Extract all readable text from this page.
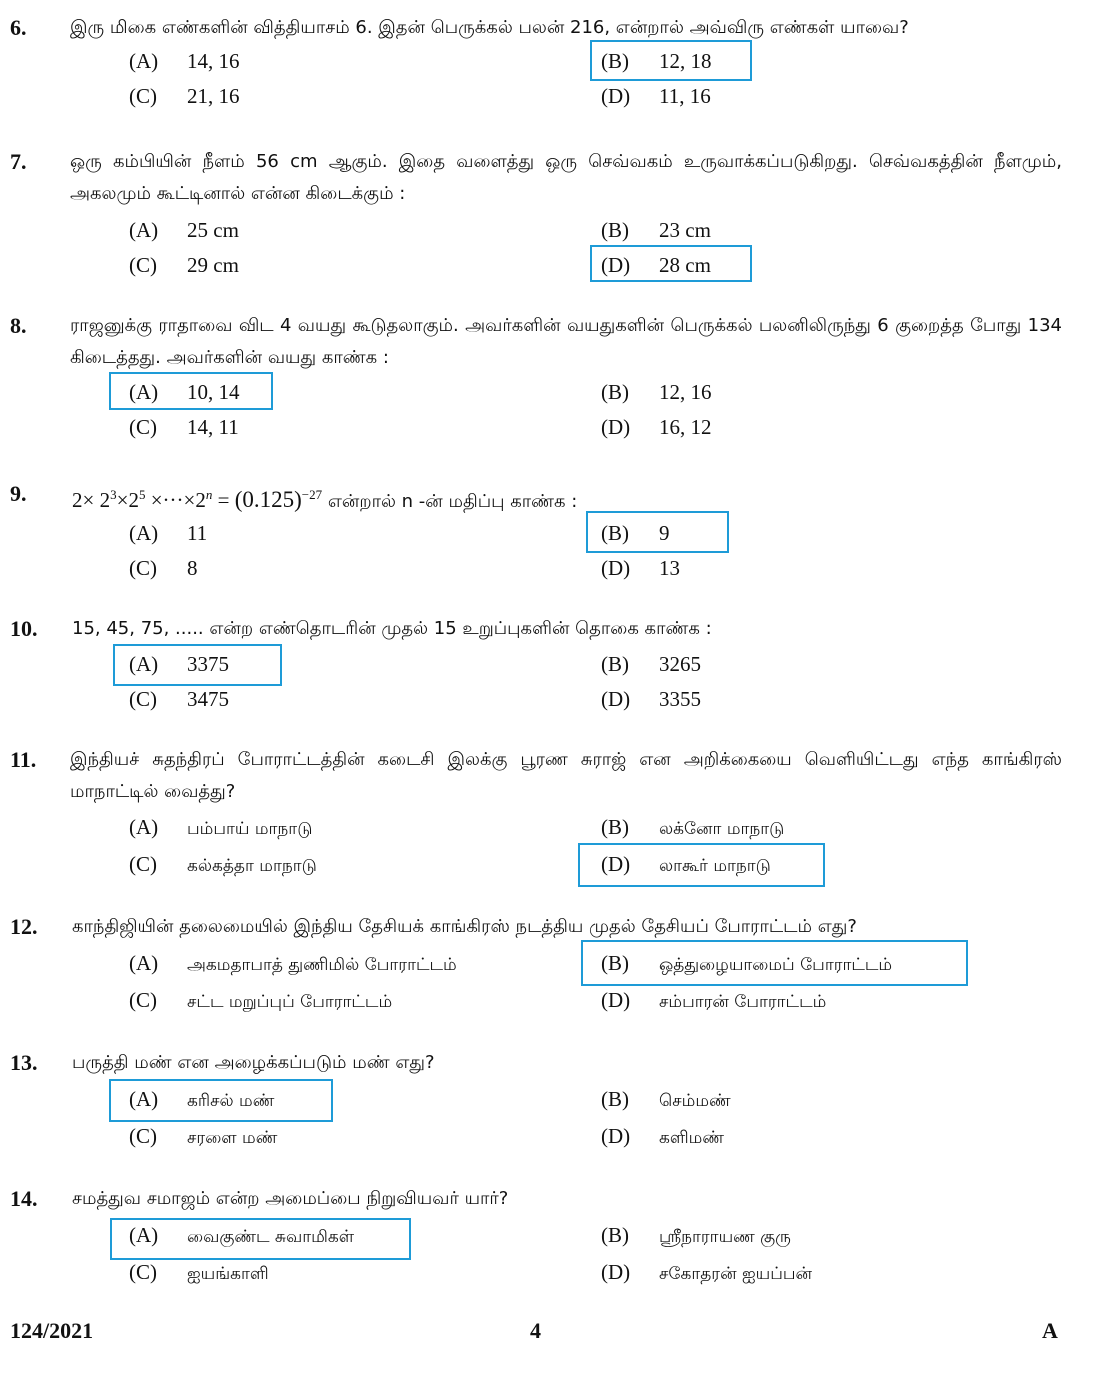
6. இரு மிகை எண்களின் வித்தியாசம் 6. இதன் பெருக்கல் பலன் 216, என்றால் அவ்விரு எண்கள் யாவை?
(A) 14, 16	(B) 12, 18
(C) 21, 16	(D) 11, 16
7. ஒரு கம்பியின் நீளம் 56 cm ஆகும். இதை வளைத்து ஒரு செவ்வகம் உருவாக்கப்படுகிறது. செவ்வகத்தின் நீளமும், அகலமும் கூட்டினால் என்ன கிடைக்கும் :
(A) 25 cm	(B) 23 cm
(C) 29 cm	(D) 28 cm
8. ராஜனுக்கு ராதாவை விட 4 வயது கூடுதலாகும். அவர்களின் வயதுகளின் பெருக்கல் பலனிலிருந்து 6 குறைத்த போது 134 கிடைத்தது. அவர்களின் வயது காண்க :
(A) 10, 14	(B) 12, 16
(C) 14, 11	(D) 16, 12
9. $2\times 2^3\times 2^5 \times\cdot\cdot\cdot\times 2^n = (0.125)^{-27}$ என்றால் n -ன் மதிப்பு காண்க :
(A) 11	(B) 9
(C) 8	(D) 13
10. 15, 45, 75, ..... என்ற எண்தொடரின் முதல் 15 உறுப்புகளின் தொகை காண்க :
(A) 3375	(B) 3265
(C) 3475	(D) 3355
11. இந்தியச் சுதந்திரப் போராட்டத்தின் கடைசி இலக்கு பூரண சுராஜ் என அறிக்கையை வெளியிட்டது எந்த காங்கிரஸ் மாநாட்டில் வைத்து?
(A) பம்பாய் மாநாடு	(B) லக்னோ மாநாடு
(C) கல்கத்தா மாநாடு	(D) லாகூர் மாநாடு
12. காந்திஜியின் தலைமையில் இந்திய தேசியக் காங்கிரஸ் நடத்திய முதல் தேசியப் போராட்டம் எது?
(A) அகமதாபாத் துணிமில் போராட்டம்	(B) ஒத்துழையாமைப் போராட்டம்
(C) சட்ட மறுப்புப் போராட்டம்	(D) சம்பாரன் போராட்டம்
13. பருத்தி மண் என அழைக்கப்படும் மண் எது?
(A) கரிசல் மண்	(B) செம்மண்
(C) சரளை மண்	(D) களிமண்
14. சமத்துவ சமாஜம் என்ற அமைப்பை நிறுவியவர் யார்?
(A) வைகுண்ட சுவாமிகள்	(B) ஸ்ரீநாராயண குரு
(C) ஐயங்காளி	(D) சகோதரன் ஐயப்பன்
124/2021	4	A
